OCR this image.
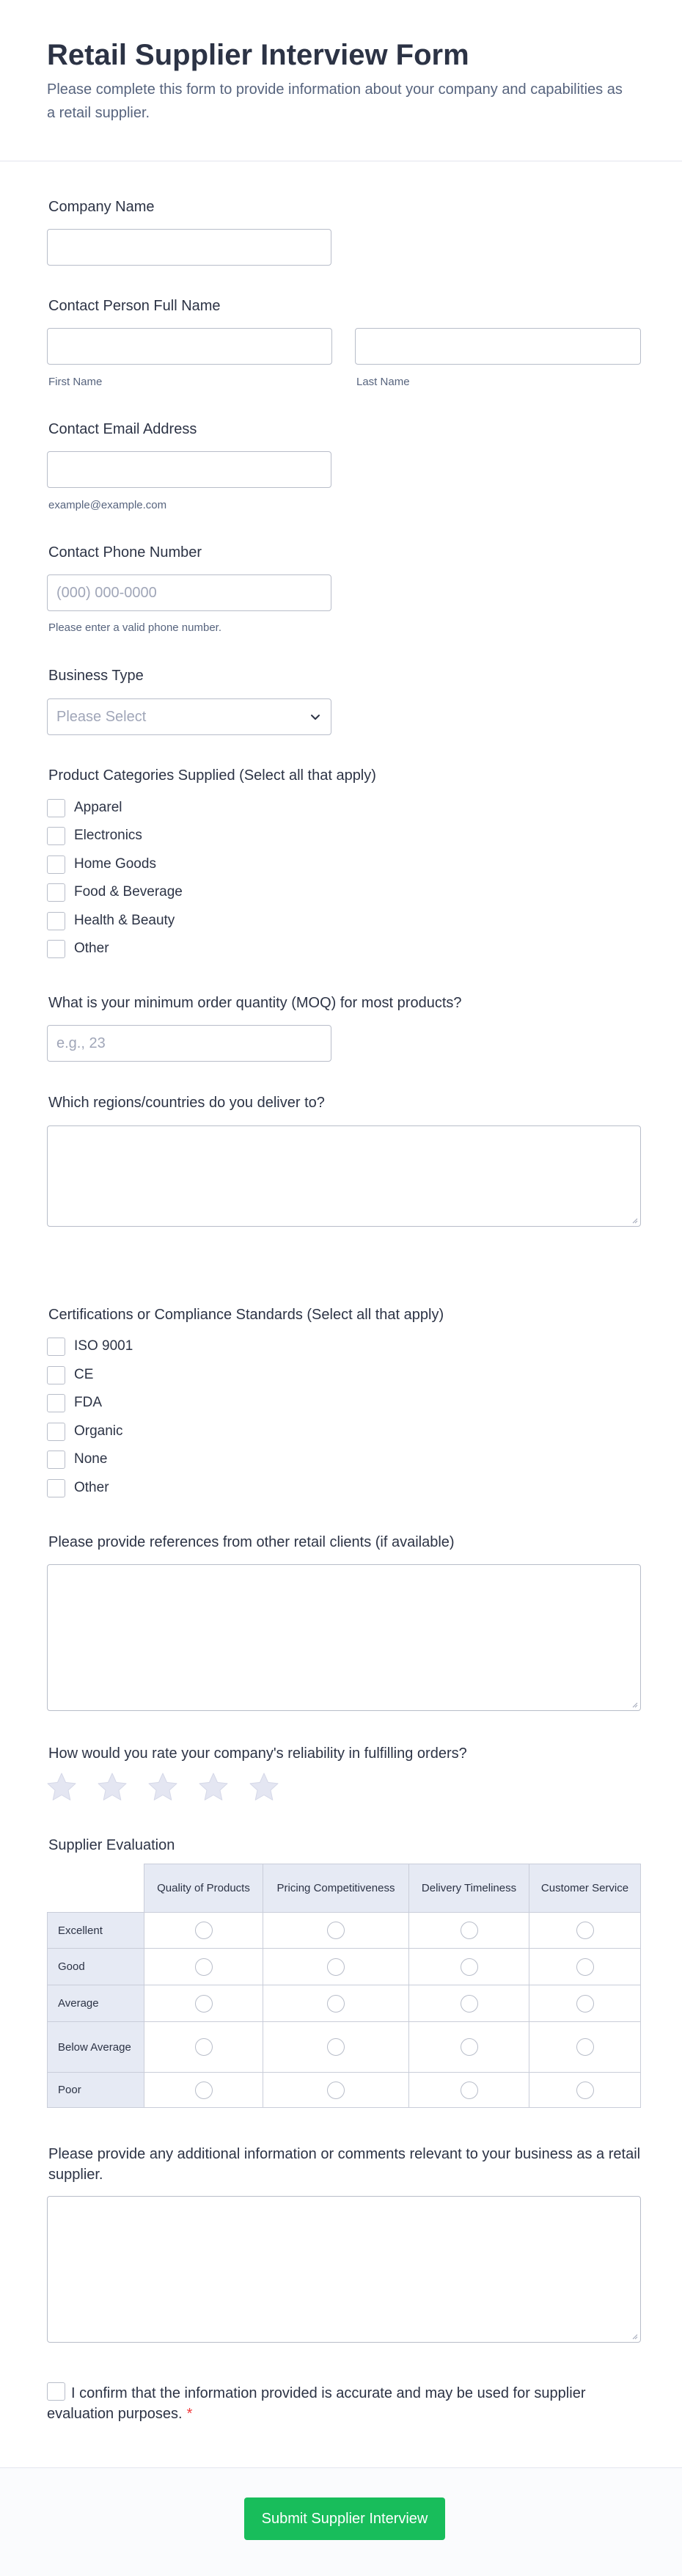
Retail Supplier Interview Form

Please complete this form to provide information about your company and capabilities as a retail supplier.

Company Name
Contact Person Full Name
First Name	Last Name
Contact Email Address
example@example.com
Contact Phone Number
(000) 000-0000
Please enter a valid phone number.
Business Type
Please Select
Product Categories Supplied (Select all that apply)
Apparel
Electronics
Home Goods
Food & Beverage
Health & Beauty
Other
What is your minimum order quantity (MOQ) for most products?
e.g., 23
Which regions/countries do you deliver to?
Certifications or Compliance Standards (Select all that apply)
ISO 9001
CE
FDA
Organic
None
Other
Please provide references from other retail clients (if available)
How would you rate your company's reliability in fulfilling orders?
Supplier Evaluation
	Quality of Products	Pricing Competitiveness	Delivery Timeliness	Customer Service
Excellent				
Good				
Average				
Below Average				
Poor				
Please provide any additional information or comments relevant to your business as a retail supplier.
I confirm that the information provided is accurate and may be used for supplier evaluation purposes. *
Submit Supplier Interview
